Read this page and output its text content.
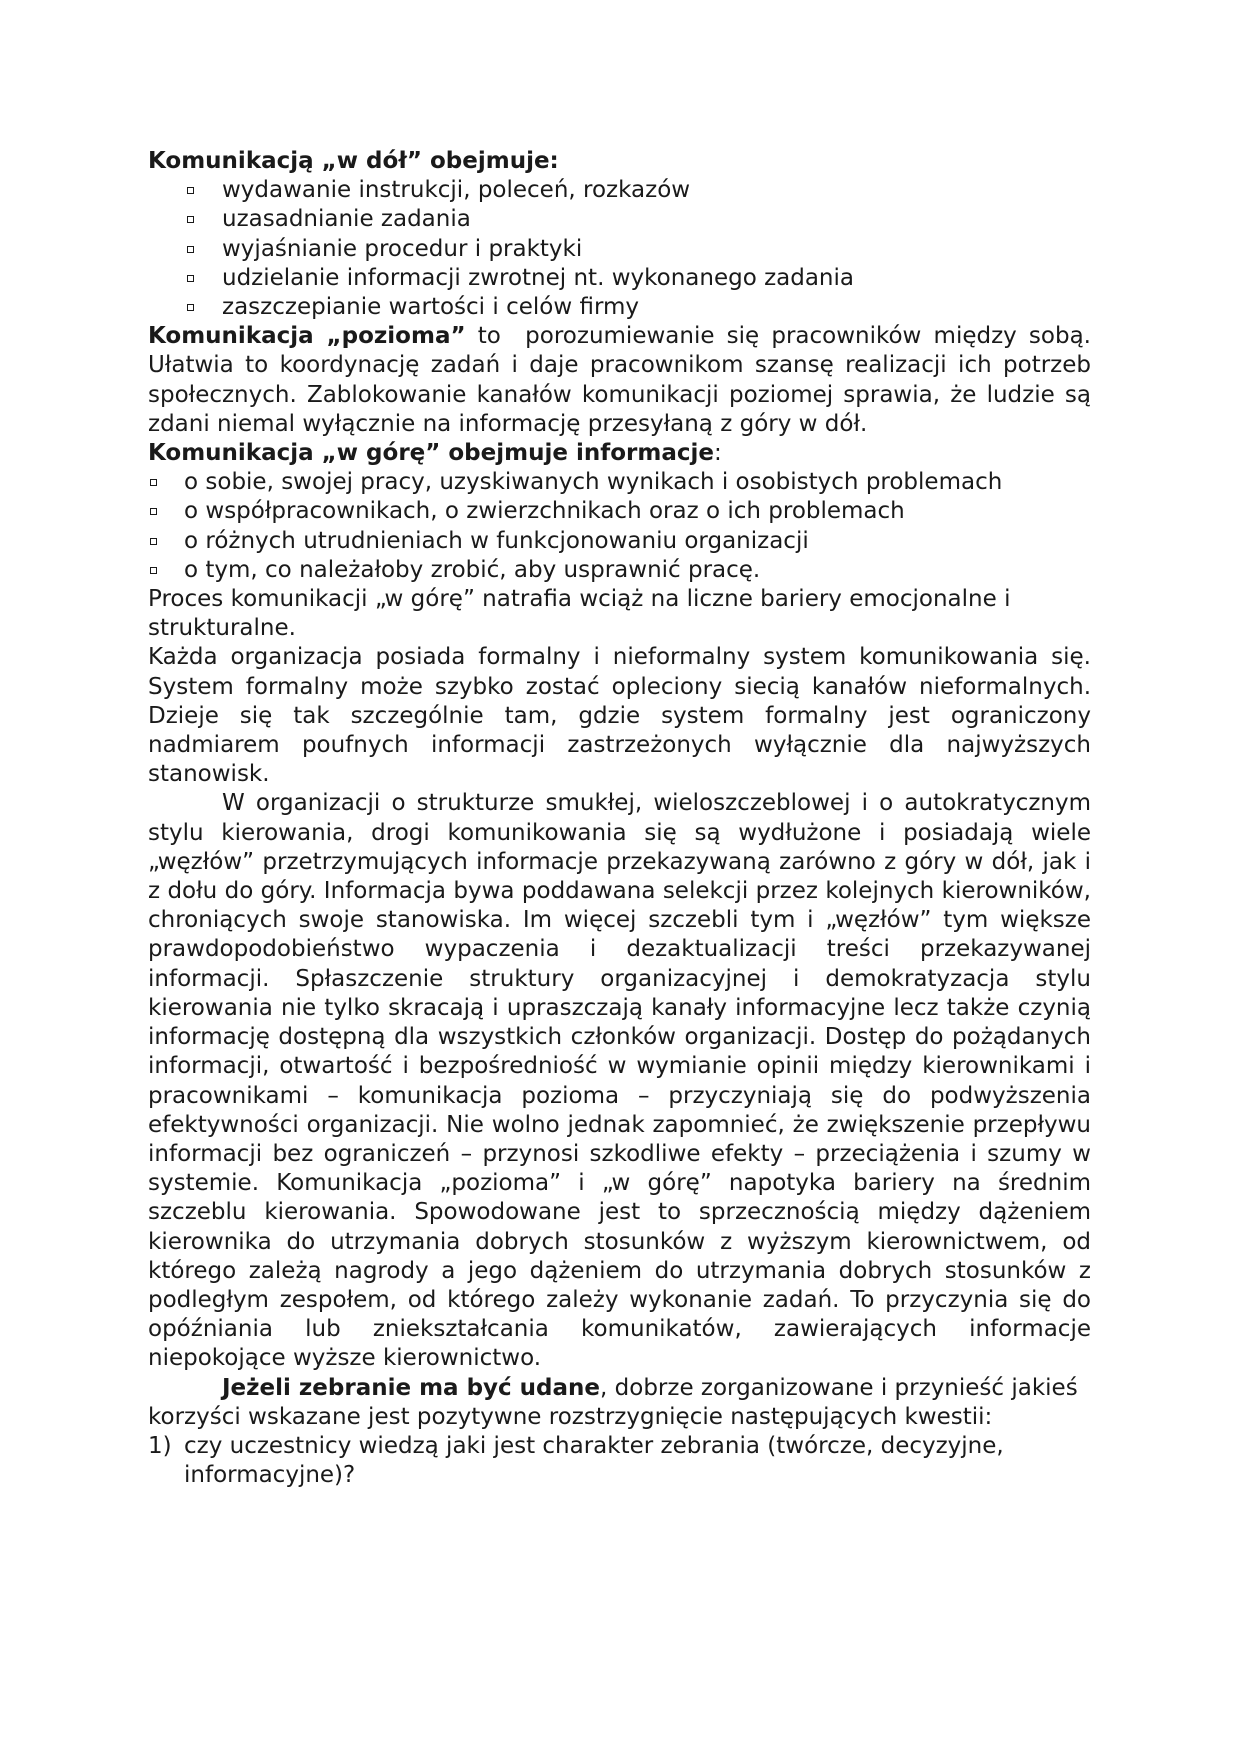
Komunikacją „w dół” obejmuje:

wydawanie instrukcji, poleceń, rozkazów
uzasadnianie zadania
wyjaśnianie procedur i praktyki
udzielanie informacji zwrotnej nt. wykonanego zadania
zaszczepianie wartości i celów firmy

Komunikacja „pozioma” to  porozumiewanie się pracowników między sobą. Ułatwia to koordynację zadań i daje pracownikom szansę realizacji ich potrzeb społecznych. Zablokowanie kanałów komunikacji poziomej sprawia, że ludzie są zdani niemal wyłącznie na informację przesyłaną z góry w dół.

Komunikacja „w górę” obejmuje informacje:

o sobie, swojej pracy, uzyskiwanych wynikach i osobistych problemach
o współpracownikach, o zwierzchnikach oraz o ich problemach
o różnych utrudnieniach w funkcjonowaniu organizacji
o tym, co należałoby zrobić, aby usprawnić pracę.

Proces komunikacji „w górę” natrafia wciąż na liczne bariery emocjonalne i strukturalne.

Każda organizacja posiada formalny i nieformalny system komunikowania się. System formalny może szybko zostać opleciony siecią kanałów nieformalnych. Dzieje się tak szczególnie tam, gdzie system formalny jest ograniczony nadmiarem poufnych informacji zastrzeżonych wyłącznie dla najwyższych stanowisk.

W organizacji o strukturze smukłej, wieloszczeblowej i o autokratycznym stylu kierowania, drogi komunikowania się są wydłużone i posiadają wiele „węzłów” przetrzymujących informacje przekazywaną zarówno z góry w dół, jak i z dołu do góry. Informacja bywa poddawana selekcji przez kolejnych kierowników, chroniących swoje stanowiska. Im więcej szczebli tym i „węzłów” tym większe prawdopodobieństwo wypaczenia i dezaktualizacji treści przekazywanej informacji. Spłaszczenie struktury organizacyjnej i demokratyzacja stylu kierowania nie tylko skracają i upraszczają kanały informacyjne lecz także czynią informację dostępną dla wszystkich członków organizacji. Dostęp do pożądanych informacji, otwartość i bezpośredniość w wymianie opinii między kierownikami i pracownikami – komunikacja pozioma – przyczyniają się do podwyższenia efektywności organizacji. Nie wolno jednak zapomnieć, że zwiększenie przepływu informacji bez ograniczeń – przynosi szkodliwe efekty – przeciążenia i szumy w systemie. Komunikacja „pozioma” i „w górę” napotyka bariery na średnim szczeblu kierowania. Spowodowane jest to sprzecznością między dążeniem kierownika do utrzymania dobrych stosunków z wyższym kierownictwem, od którego zależą nagrody a jego dążeniem do utrzymania dobrych stosunków z podległym zespołem, od którego zależy wykonanie zadań. To przyczynia się do opóźniania lub zniekształcania komunikatów, zawierających informacje niepokojące wyższe kierownictwo.

Jeżeli zebranie ma być udane, dobrze zorganizowane i przynieść jakieś korzyści wskazane jest pozytywne rozstrzygnięcie następujących kwestii:

1) czy uczestnicy wiedzą jaki jest charakter zebrania (twórcze, decyzyjne, informacyjne)?
